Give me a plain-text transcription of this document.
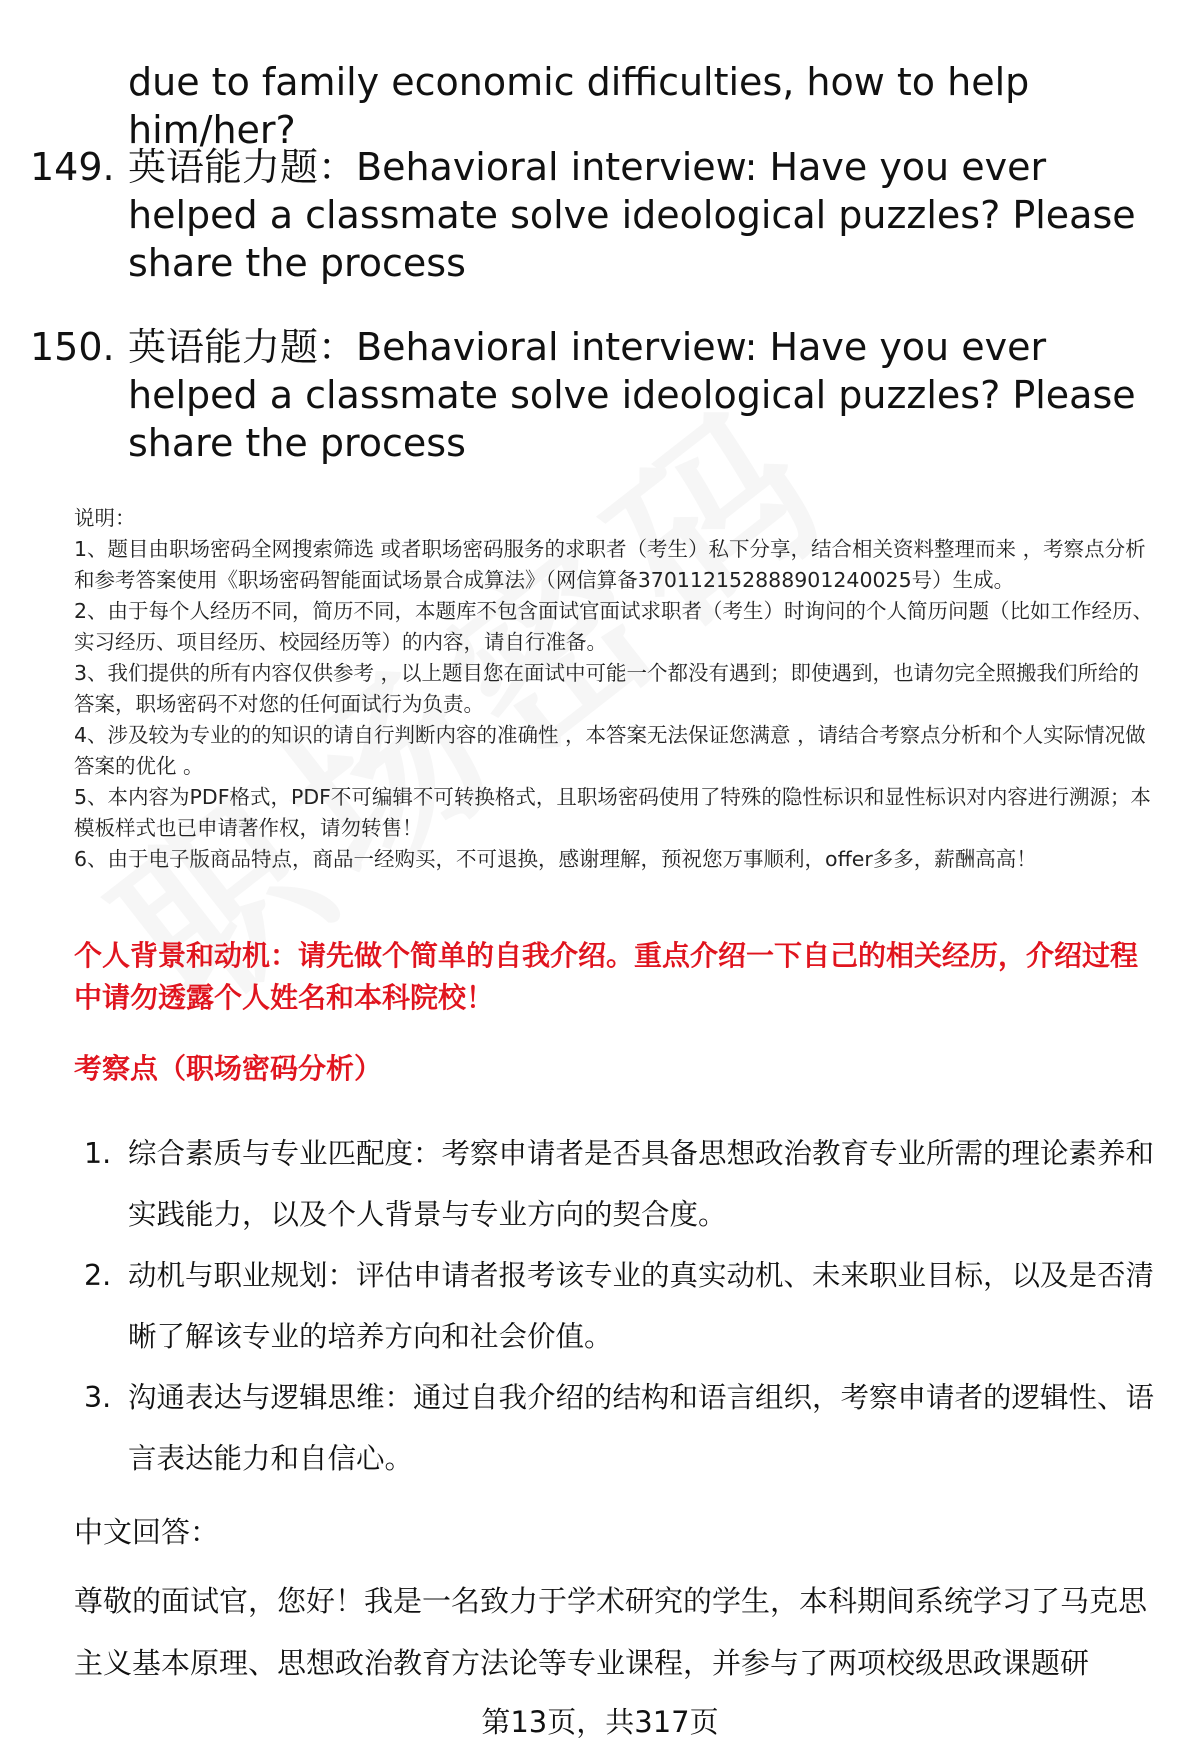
due to family economic difficulties, how to help him/her?
149. 英语能力题：Behavioral interview: Have you ever helped a classmate solve ideological puzzles? Please share the process
150. 英语能力题：Behavioral interview: Have you ever helped a classmate solve ideological puzzles? Please share the process

说明：

1、题目由职场密码全网搜索筛选 或者职场密码服务的求职者（考生）私下分享，结合相关资料整理而来 ，考察点分析和参考答案使用《职场密码智能面试场景合成算法》（网信算备370112152888901240025号）生成。

2、由于每个人经历不同，简历不同，本题库不包含面试官面试求职者（考生）时询问的个人简历问题（比如工作经历、实习经历、项目经历、校园经历等）的内容，请自行准备。

3、我们提供的所有内容仅供参考 ，以上题目您在面试中可能一个都没有遇到；即使遇到，也请勿完全照搬我们所给的答案，职场密码不对您的任何面试行为负责。

4、涉及较为专业的的知识的请自行判断内容的准确性 ，本答案无法保证您满意 ，请结合考察点分析和个人实际情况做答案的优化 。

5、本内容为PDF格式，PDF不可编辑不可转换格式，且职场密码使用了特殊的隐性标识和显性标识对内容进行溯源；本模板样式也已申请著作权，请勿转售！

6、由于电子版商品特点，商品一经购买，不可退换，感谢理解，预祝您万事顺利，offer多多，薪酬高高！

个人背景和动机：请先做个简单的自我介绍。重点介绍一下自己的相关经历，介绍过程中请勿透露个人姓名和本科院校！
考察点（职场密码分析）
1. 综合素质与专业匹配度：考察申请者是否具备思想政治教育专业所需的理论素养和实践能力，以及个人背景与专业方向的契合度。
2. 动机与职业规划：评估申请者报考该专业的真实动机、未来职业目标，以及是否清晰了解该专业的培养方向和社会价值。
3. 沟通表达与逻辑思维：通过自我介绍的结构和语言组织，考察申请者的逻辑性、语言表达能力和自信心。
中文回答：
尊敬的面试官，您好！我是一名致力于学术研究的学生，本科期间系统学习了马克思主义基本原理、思想政治教育方法论等专业课程，并参与了两项校级思政课题研
第13页，共317页
